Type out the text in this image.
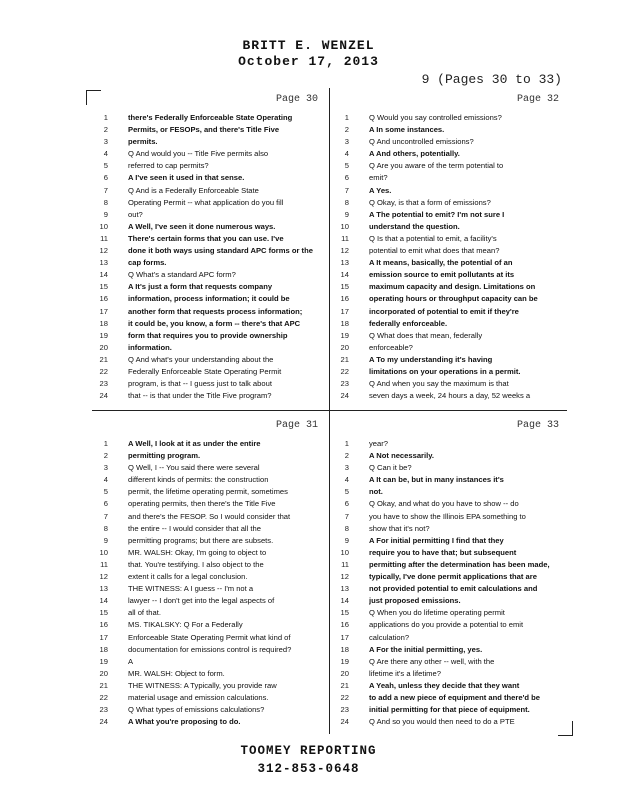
BRITT E. WENZEL
October 17, 2013
9 (Pages 30 to 33)
Page 30
1	there's Federally Enforceable State Operating
2	Permits, or FESOPs, and there's Title Five
3	permits.
4	Q And would you -- Title Five permits also
5	referred to cap permits?
6	A I've seen it used in that sense.
7	Q And is a Federally Enforceable State
8	Operating Permit -- what application do you fill
9	out?
10	A Well, I've seen it done numerous ways.
11	There's certain forms that you can use. I've
12	done it both ways using standard APC forms or the
13	cap forms.
14	Q What's a standard APC form?
15	A It's just a form that requests company
16	information, process information; it could be
17	another form that requests process information;
18	it could be, you know, a form -- there's that APC
19	form that requires you to provide ownership
20	information.
21	Q And what's your understanding about the
22	Federally Enforceable State Operating Permit
23	program, is that -- I guess just to talk about
24	that -- is that under the Title Five program?
Page 32
1	Q Would you say controlled emissions?
2	A In some instances.
3	Q And uncontrolled emissions?
4	A And others, potentially.
5	Q Are you aware of the term potential to
6	emit?
7	A Yes.
8	Q Okay, is that a form of emissions?
9	A The potential to emit? I'm not sure I
10	understand the question.
11	Q Is that a potential to emit, a facility's
12	potential to emit what does that mean?
13	A It means, basically, the potential of an
14	emission source to emit pollutants at its
15	maximum capacity and design. Limitations on
16	operating hours or throughput capacity can be
17	incorporated of potential to emit if they're
18	federally enforceable.
19	Q What does that mean, federally
20	enforceable?
21	A To my understanding it's having
22	limitations on your operations in a permit.
23	Q And when you say the maximum is that
24	seven days a week, 24 hours a day, 52 weeks a
Page 31
1	A Well, I look at it as under the entire
2	permitting program.
3	Q Well, I -- You said there were several
4	different kinds of permits: the construction
5	permit, the lifetime operating permit, sometimes
6	operating permits, then there's the Title Five
7	and there's the FESOP. So I would consider that
8	the entire -- I would consider that all the
9	permitting programs; but there are subsets.
10	MR. WALSH: Okay, I'm going to object to
11	that. You're testifying. I also object to the
12	extent it calls for a legal conclusion.
13	THE WITNESS: A I guess -- I'm not a
14	lawyer -- I don't get into the legal aspects of
15	all of that.
16	MS. TIKALSKY: Q For a Federally
17	Enforceable State Operating Permit what kind of
18	documentation for emissions control is required?
19	A
20	MR. WALSH: Object to form.
21	THE WITNESS: A Typically, you provide raw
22	material usage and emission calculations.
23	Q What types of emissions calculations?
24	A What you're proposing to do.
Page 33
1	year?
2	A Not necessarily.
3	Q Can it be?
4	A It can be, but in many instances it's
5	not.
6	Q Okay, and what do you have to show -- do
7	you have to show the Illinois EPA something to
8	show that it's not?
9	A For initial permitting I find that they
10	require you to have that; but subsequent
11	permitting after the determination has been made,
12	typically, I've done permit applications that are
13	not provided potential to emit calculations and
14	just proposed emissions.
15	Q When you do lifetime operating permit
16	applications do you provide a potential to emit
17	calculation?
18	A For the initial permitting, yes.
19	Q Are there any other -- well, with the
20	lifetime it's a lifetime?
21	A Yeah, unless they decide that they want
22	to add a new piece of equipment and there'd be
23	initial permitting for that piece of equipment.
24	Q And so you would then need to do a PTE
TOOMEY REPORTING
312-853-0648
